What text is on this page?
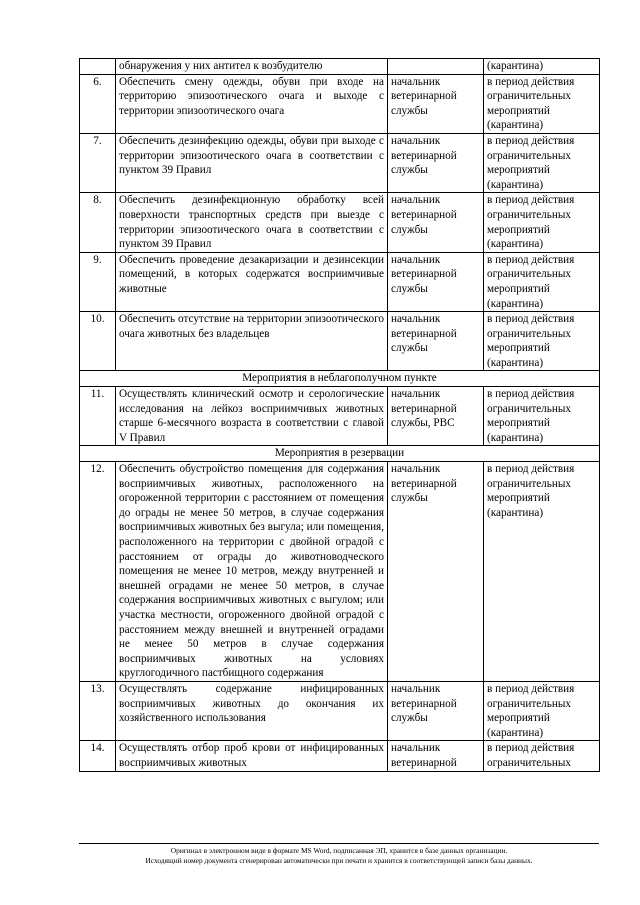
	обнаружения у них антител к возбудителю		(карантина)
6.	Обеспечить смену одежды, обуви при входе на территорию эпизоотического очага и выходе с территории эпизоотического очага	начальник ветеринарной службы	в период действия ограничительных мероприятий (карантина)
7.	Обеспечить дезинфекцию одежды, обуви при выходе с территории эпизоотического очага в соответствии с пунктом 39 Правил	начальник ветеринарной службы	в период действия ограничительных мероприятий (карантина)
8.	Обеспечить дезинфекционную обработку всей поверхности транспортных средств при выезде с территории эпизоотического очага в соответствии с пунктом 39 Правил	начальник ветеринарной службы	в период действия ограничительных мероприятий (карантина)
9.	Обеспечить проведение дезакаризации и дезинсекции помещений, в которых содержатся восприимчивые животные	начальник ветеринарной службы	в период действия ограничительных мероприятий (карантина)
10.	Обеспечить отсутствие на территории эпизоотического очага животных без владельцев	начальник ветеринарной службы	в период действия ограничительных мероприятий (карантина)
Мероприятия в неблагополучном пункте			
11.	Осуществлять клинический осмотр и серологические исследования на лейкоз восприимчивых животных старше 6-месячного возраста в соответствии с главой V Правил	начальник ветеринарной службы, РВС	в период действия ограничительных мероприятий (карантина)
Мероприятия в резервации			
12.	Обеспечить обустройство помещения для содержания восприимчивых животных, расположенного на огороженной территории с расстоянием от помещения до ограды не менее 50 метров, в случае содержания восприимчивых животных без выгула; или помещения, расположенного на территории с двойной оградой с расстоянием от ограды до животноводческого помещения не менее 10 метров, между внутренней и внешней оградами не менее 50 метров, в случае содержания восприимчивых животных с выгулом; или участка местности, огороженного двойной оградой с расстоянием между внешней и внутренней оградами не менее 50 метров в случае содержания восприимчивых животных на условиях круглогодичного пастбищного содержания	начальник ветеринарной службы	в период действия ограничительных мероприятий (карантина)
13.	Осуществлять содержание инфицированных восприимчивых животных до окончания их хозяйственного использования	начальник ветеринарной службы	в период действия ограничительных мероприятий (карантина)
14.	Осуществлять отбор проб крови от инфицированных восприимчивых животных	начальник ветеринарной	в период действия ограничительных
Оригинал в электронном виде в формате MS Word, подписанная ЭП, хранится в базе данных организации.
Исходящий номер документа сгенерирован автоматически при печати и хранится в соответствующей записи базы данных.
